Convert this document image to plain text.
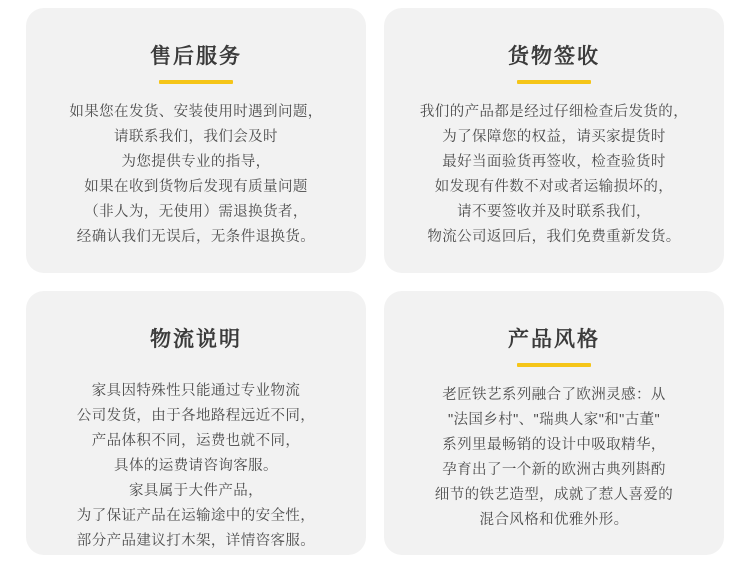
售后服务

如果您在发货、安装使用时遇到问题，

请联系我们，我们会及时

为您提供专业的指导，

如果在收到货物后发现有质量问题

（非人为，无使用）需退换货者，

经确认我们无误后，无条件退换货。

货物签收

我们的产品都是经过仔细检查后发货的，

为了保障您的权益，请买家提货时

最好当面验货再签收，检查验货时

如发现有件数不对或者运输损坏的，

请不要签收并及时联系我们，

物流公司返回后，我们免费重新发货。

物流说明

家具因特殊性只能通过专业物流

公司发货，由于各地路程远近不同，

产品体积不同，运费也就不同，

具体的运费请咨询客服。

家具属于大件产品，

为了保证产品在运输途中的安全性，

部分产品建议打木架，详情咨客服。

产品风格

老匠铁艺系列融合了欧洲灵感：从

"法国乡村"、"瑞典人家"和"古董"

系列里最畅销的设计中吸取精华，

孕育出了一个新的欧洲古典列斟酌

细节的铁艺造型，成就了惹人喜爱的

混合风格和优雅外形。
